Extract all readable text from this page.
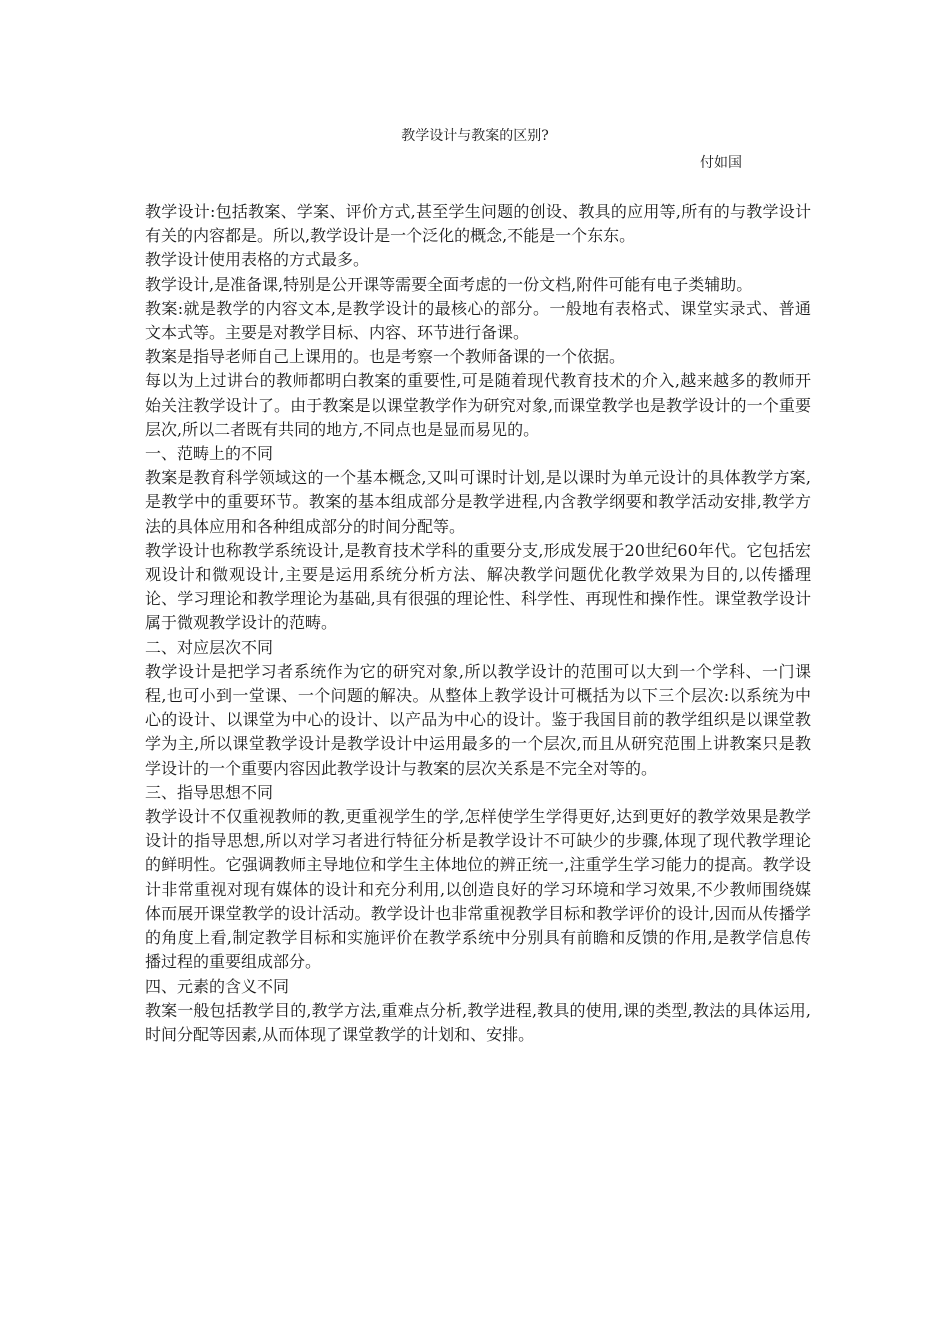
教学设计与教案的区别?
付如国

教学设计:包括教案、学案、评价方式,甚至学生问题的创设、教具的应用等,所有的与教学设计有关的内容都是。所以,教学设计是一个泛化的概念,不能是一个东东。

教学设计使用表格的方式最多。

教学设计,是准备课,特别是公开课等需要全面考虑的一份文档,附件可能有电子类辅助。

教案:就是教学的内容文本,是教学设计的最核心的部分。一般地有表格式、课堂实录式、普通文本式等。主要是对教学目标、内容、环节进行备课。

教案是指导老师自己上课用的。也是考察一个教师备课的一个依据。

每以为上过讲台的教师都明白教案的重要性,可是随着现代教育技术的介入,越来越多的教师开始关注教学设计了。由于教案是以课堂教学作为研究对象,而课堂教学也是教学设计的一个重要层次,所以二者既有共同的地方,不同点也是显而易见的。

一、范畴上的不同

教案是教育科学领域这的一个基本概念,又叫可课时计划,是以课时为单元设计的具体教学方案,是教学中的重要环节。教案的基本组成部分是教学进程,内含教学纲要和教学活动安排,教学方法的具体应用和各种组成部分的时间分配等。

教学设计也称教学系统设计,是教育技术学科的重要分支,形成发展于20世纪60年代。它包括宏观设计和微观设计,主要是运用系统分析方法、解决教学问题优化教学效果为目的,以传播理论、学习理论和教学理论为基础,具有很强的理论性、科学性、再现性和操作性。课堂教学设计属于微观教学设计的范畴。

二、对应层次不同

教学设计是把学习者系统作为它的研究对象,所以教学设计的范围可以大到一个学科、一门课程,也可小到一堂课、一个问题的解决。从整体上教学设计可概括为以下三个层次:以系统为中心的设计、以课堂为中心的设计、以产品为中心的设计。鉴于我国目前的教学组织是以课堂教学为主,所以课堂教学设计是教学设计中运用最多的一个层次,而且从研究范围上讲教案只是教学设计的一个重要内容因此教学设计与教案的层次关系是不完全对等的。

三、指导思想不同

教学设计不仅重视教师的教,更重视学生的学,怎样使学生学得更好,达到更好的教学效果是教学设计的指导思想,所以对学习者进行特征分析是教学设计不可缺少的步骤,体现了现代教学理论的鲜明性。它强调教师主导地位和学生主体地位的辨正统一,注重学生学习能力的提高。教学设计非常重视对现有媒体的设计和充分利用,以创造良好的学习环境和学习效果,不少教师围绕媒体而展开课堂教学的设计活动。教学设计也非常重视教学目标和教学评价的设计,因而从传播学的角度上看,制定教学目标和实施评价在教学系统中分别具有前瞻和反馈的作用,是教学信息传播过程的重要组成部分。

四、元素的含义不同

教案一般包括教学目的,教学方法,重难点分析,教学进程,教具的使用,课的类型,教法的具体运用,时间分配等因素,从而体现了课堂教学的计划和、安排。
